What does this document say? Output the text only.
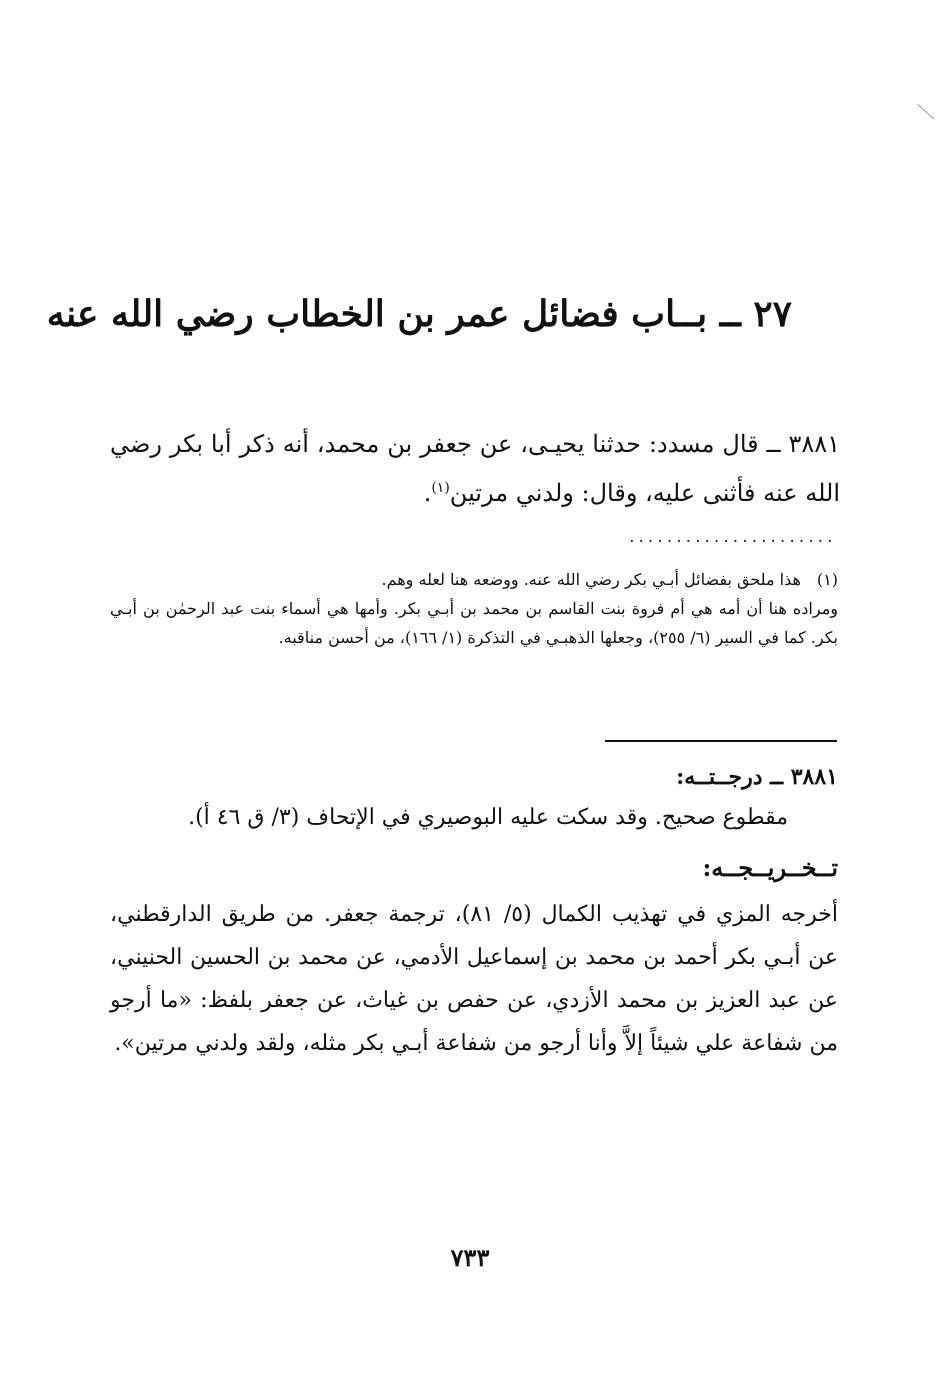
٢٧ ــ بــاب فضائل عمر بن الخطاب رضي الله عنه
٣٨٨١ ــ قال مسدد: حدثنا يحيـى، عن جعفر بن محمد، أنه ذكر أبا بكر رضي الله عنه فأثنى عليه، وقال: ولدني مرتين$^{(١)}$.
......................
(١)هذا ملحق بفضائل أبـي بكر رضي الله عنه. ووضعه هنا لعله وهم.
ومراده هنا أن أمه هي أم فروة بنت القاسم بن محمد بن أبـي بكر. وأمها هي أسماء بنت عبد الرحمٰن بن أبـي بكر. كما في السير (٦/ ٢٥٥)، وجعلها الذهبـي في التذكرة (١/ ١٦٦)، من أحسن مناقبه.
٣٨٨١ ــ درجــتــه:
مقطوع صحيح. وقد سكت عليه البوصيري في الإتحاف (٣/ ق ٤٦ أ).
تــخــريــجــه:
أخرجه المزي في تهذيب الكمال (٥/ ٨١)، ترجمة جعفر. من طريق الدارقطني، عن أبـي بكر أحمد بن محمد بن إسماعيل الأدمي، عن محمد بن الحسين الحنيني، عن عبد العزيز بن محمد الأزدي، عن حفص بن غياث، عن جعفر بلفظ: «ما أرجو من شفاعة علي شيئاً إلاَّ وأنا أرجو من شفاعة أبـي بكر مثله، ولقد ولدني مرتين».
٧٣٣
